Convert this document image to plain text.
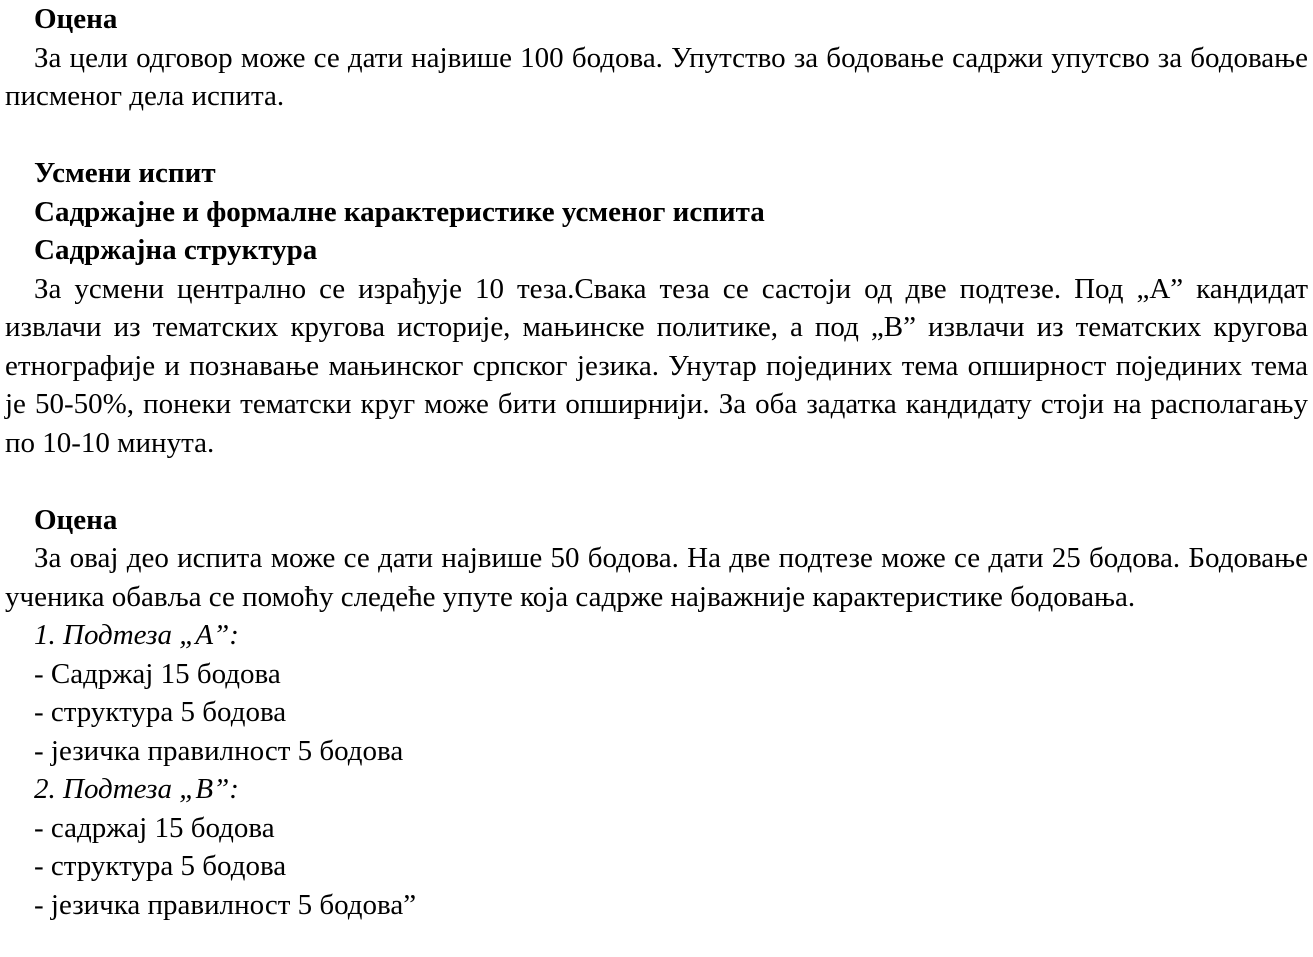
Оцена

За цели одговор може се дати највише 100 бодова. Упутство за бодовање садржи упутсво за бодовање писменог дела испита.

Усмени испит

Садржајне и формалне карактеристике усменог испита

Садржајна структура

За усмени централно се израђује 10 теза.Свака теза се састоји од две подтезе. Под „А” кандидат извлачи из тематских кругова историје, мањинске политике, а под „В” извлачи из тематских кругова етнографије и познавање мањинског српског језика. Унутар појединих тема опширност појединих тема је 50-50%, понеки тематски круг може бити опширнији. За оба задатка кандидату стоји на располагању по 10-10 минута.

Оцена

За овај део испита може се дати највише 50 бодова. На две подтезе може се дати 25 бодова. Бодовање ученика обавља се помоћу следеће упуте која садрже најважније карактеристике бодовања.

1. Подтеза „А”:

- Садржај 15 бодова

- структура 5 бодова

- језичка правилност 5 бодова

2. Подтеза „В”:

- садржај 15 бодова

- структура 5 бодова

- језичка правилност 5 бодова”
